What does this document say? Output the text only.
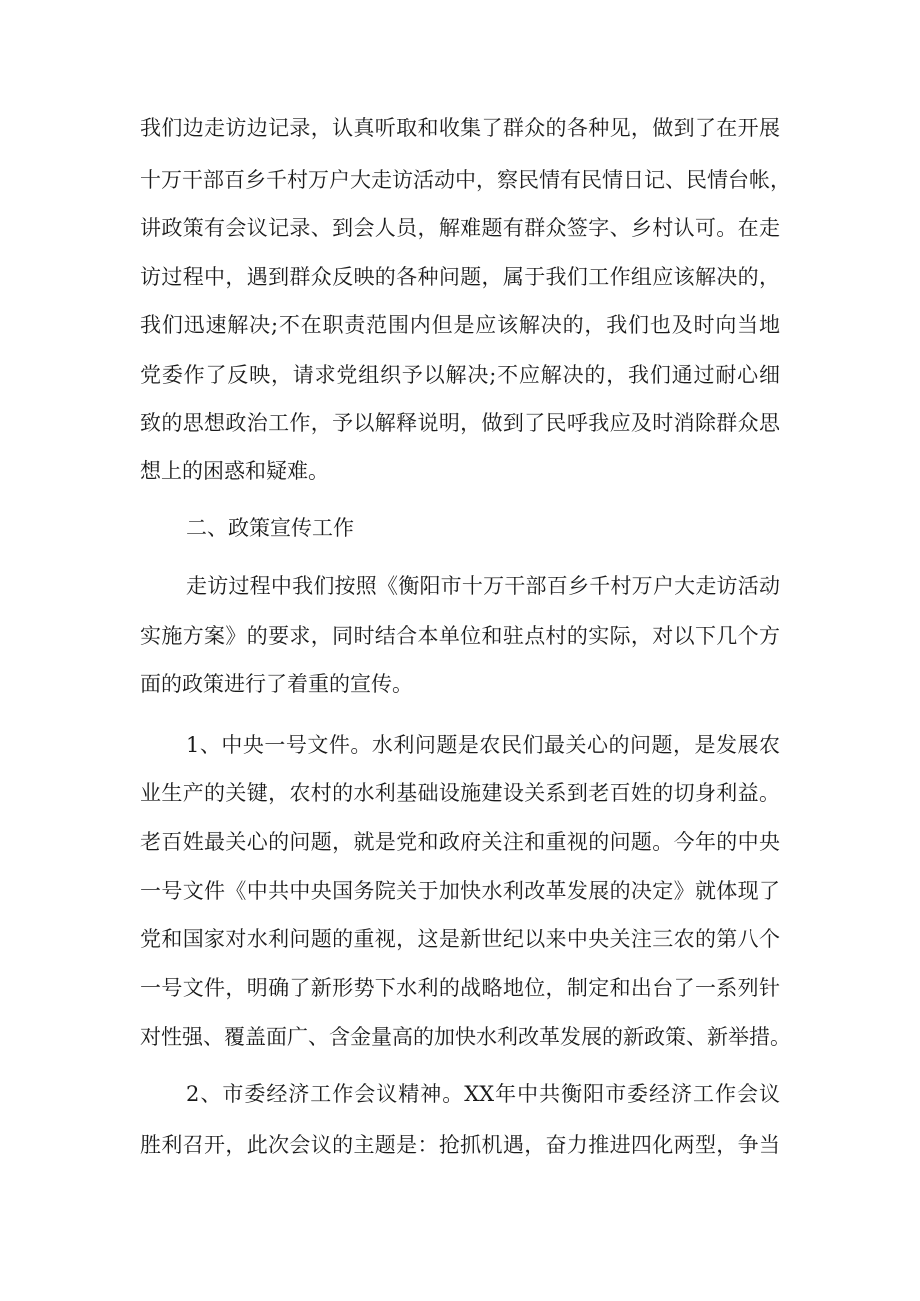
我们边走访边记录，认真听取和收集了群众的各种见，做到了在开展
十万干部百乡千村万户大走访活动中，察民情有民情日记、民情台帐，
讲政策有会议记录、到会人员，解难题有群众签字、乡村认可。在走
访过程中，遇到群众反映的各种问题，属于我们工作组应该解决的，
我们迅速解决;不在职责范围内但是应该解决的，我们也及时向当地
党委作了反映，请求党组织予以解决;不应解决的，我们通过耐心细
致的思想政治工作，予以解释说明，做到了民呼我应及时消除群众思
想上的困惑和疑难。
二、政策宣传工作
走访过程中我们按照《衡阳市十万干部百乡千村万户大走访活动
实施方案》的要求，同时结合本单位和驻点村的实际，对以下几个方
面的政策进行了着重的宣传。
1、中央一号文件。水利问题是农民们最关心的问题，是发展农
业生产的关键，农村的水利基础设施建设关系到老百姓的切身利益。
老百姓最关心的问题，就是党和政府关注和重视的问题。今年的中央
一号文件《中共中央国务院关于加快水利改革发展的决定》就体现了
党和国家对水利问题的重视，这是新世纪以来中央关注三农的第八个
一号文件，明确了新形势下水利的战略地位，制定和出台了一系列针
对性强、覆盖面广、含金量高的加快水利改革发展的新政策、新举措。
2、市委经济工作会议精神。XX年中共衡阳市委经济工作会议
胜利召开，此次会议的主题是：抢抓机遇，奋力推进四化两型，争当
